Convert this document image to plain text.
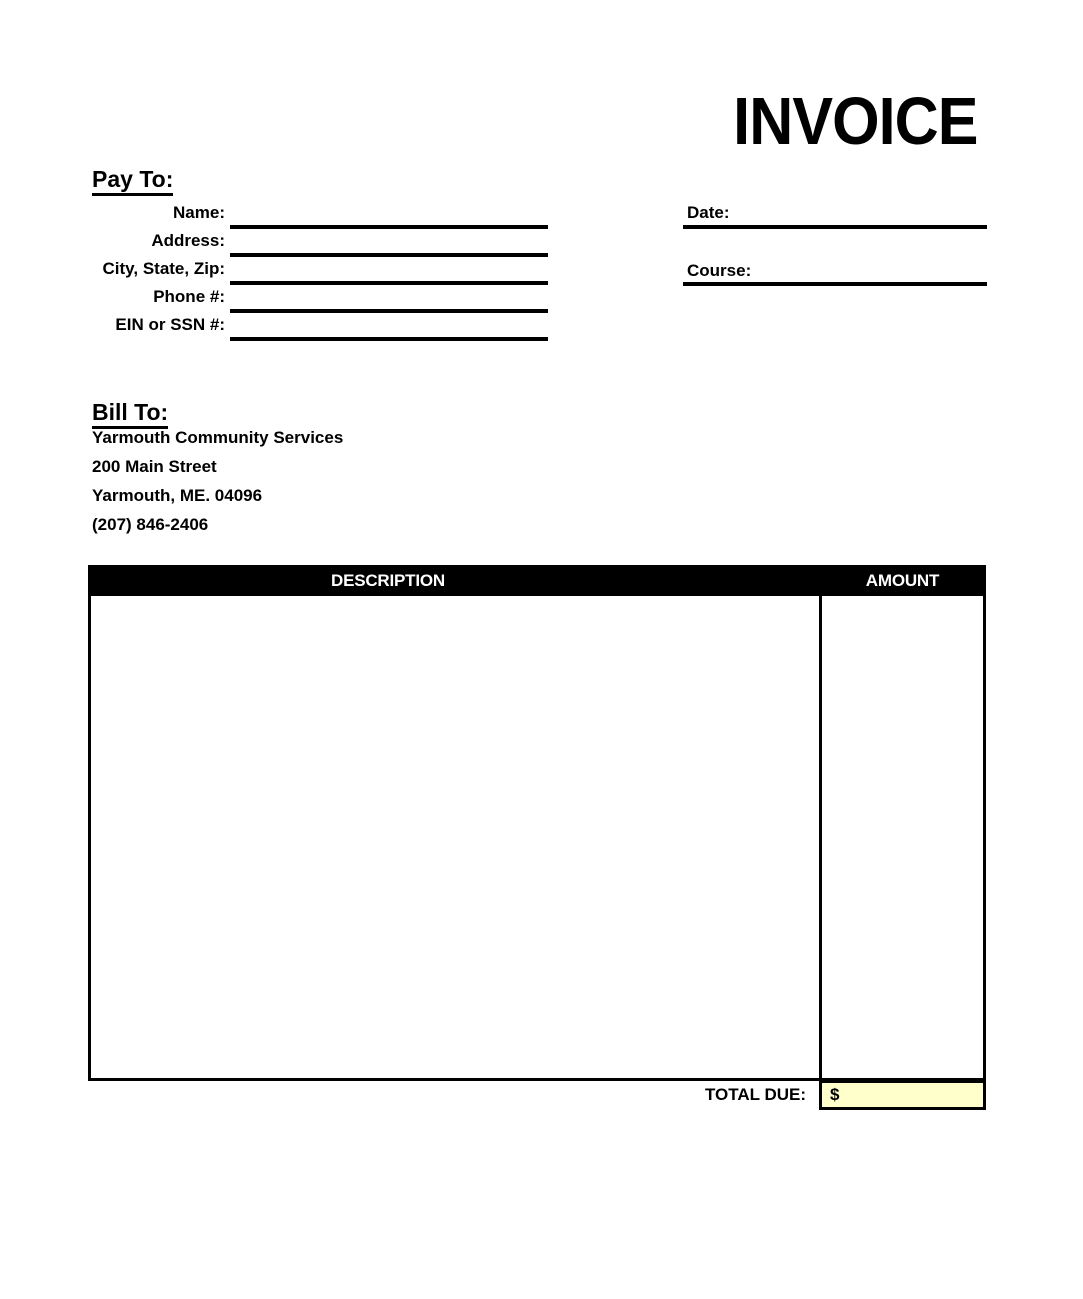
INVOICE
Pay To:
Name:
Address:
City, State, Zip:
Phone #:
EIN or SSN #:
Date:
Course:
Bill To:
Yarmouth Community Services
200 Main Street
Yarmouth, ME. 04096
(207) 846-2406
DESCRIPTION	AMOUNT
TOTAL DUE:	$
